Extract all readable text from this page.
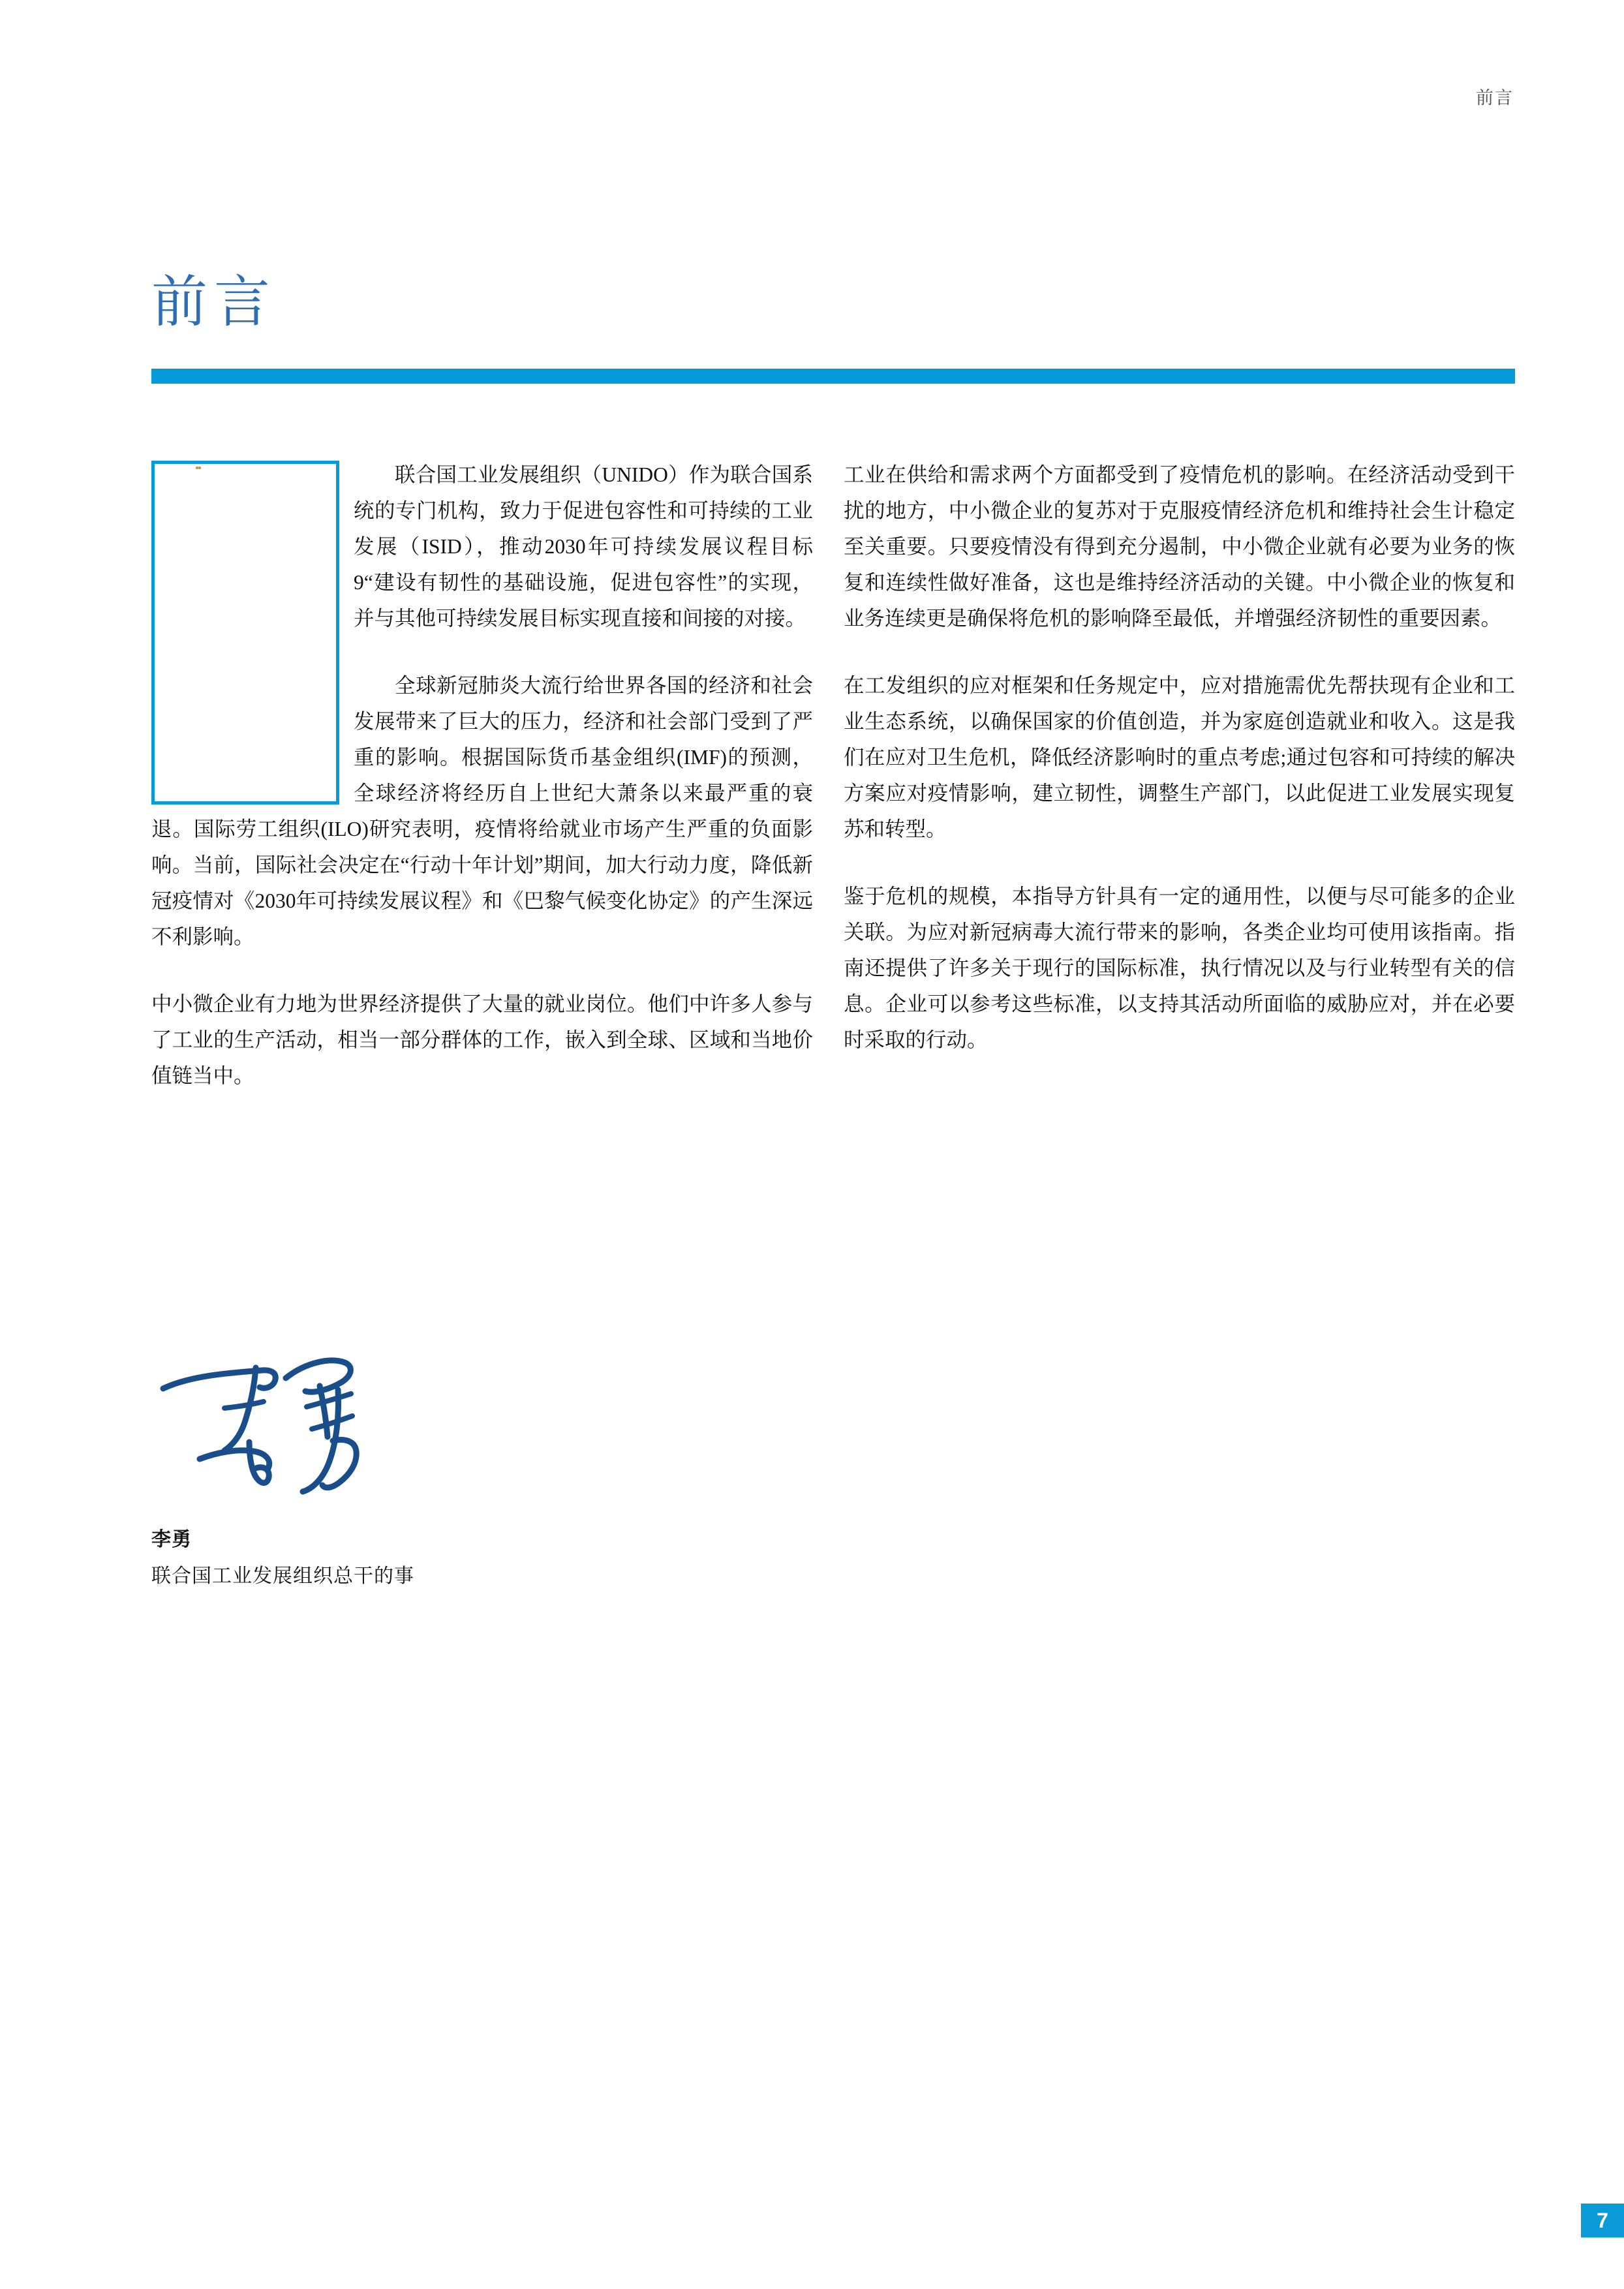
前言
前言

联合国工业发展组织（UNIDO）作为联合国系统的专门机构，致力于促进包容性和可持续的工业发展（ISID），推动2030年可持续发展议程目标9“建设有韧性的基础设施，促进包容性”的实现，并与其他可持续发展目标实现直接和间接的对接。

全球新冠肺炎大流行给世界各国的经济和社会发展带来了巨大的压力，经济和社会部门受到了严重的影响。根据国际货币基金组织(IMF)的预测，全球经济将经历自上世纪大萧条以来最严重的衰退。国际劳工组织(ILO)研究表明，疫情将给就业市场产生严重的负面影响。当前，国际社会决定在“行动十年计划”期间，加大行动力度，降低新冠疫情对《2030年可持续发展议程》和《巴黎气候变化协定》的产生深远不利影响。

中小微企业有力地为世界经济提供了大量的就业岗位。他们中许多人参与了工业的生产活动，相当一部分群体的工作，嵌入到全球、区域和当地价值链当中。

工业在供给和需求两个方面都受到了疫情危机的影响。在经济活动受到干扰的地方，中小微企业的复苏对于克服疫情经济危机和维持社会生计稳定至关重要。只要疫情没有得到充分遏制，中小微企业就有必要为业务的恢复和连续性做好准备，这也是维持经济活动的关键。中小微企业的恢复和业务连续更是确保将危机的影响降至最低，并增强经济韧性的重要因素。

在工发组织的应对框架和任务规定中，应对措施需优先帮扶现有企业和工业生态系统，以确保国家的价值创造，并为家庭创造就业和收入。这是我们在应对卫生危机，降低经济影响时的重点考虑;通过包容和可持续的解决方案应对疫情影响，建立韧性，调整生产部门，以此促进工业发展实现复苏和转型。

鉴于危机的规模，本指导方针具有一定的通用性，以便与尽可能多的企业关联。为应对新冠病毒大流行带来的影响，各类企业均可使用该指南。指南还提供了许多关于现行的国际标准，执行情况以及与行业转型有关的信息。企业可以参考这些标准，以支持其活动所面临的威胁应对，并在必要时采取的行动。

李勇
联合国工业发展组织总干的事
7
